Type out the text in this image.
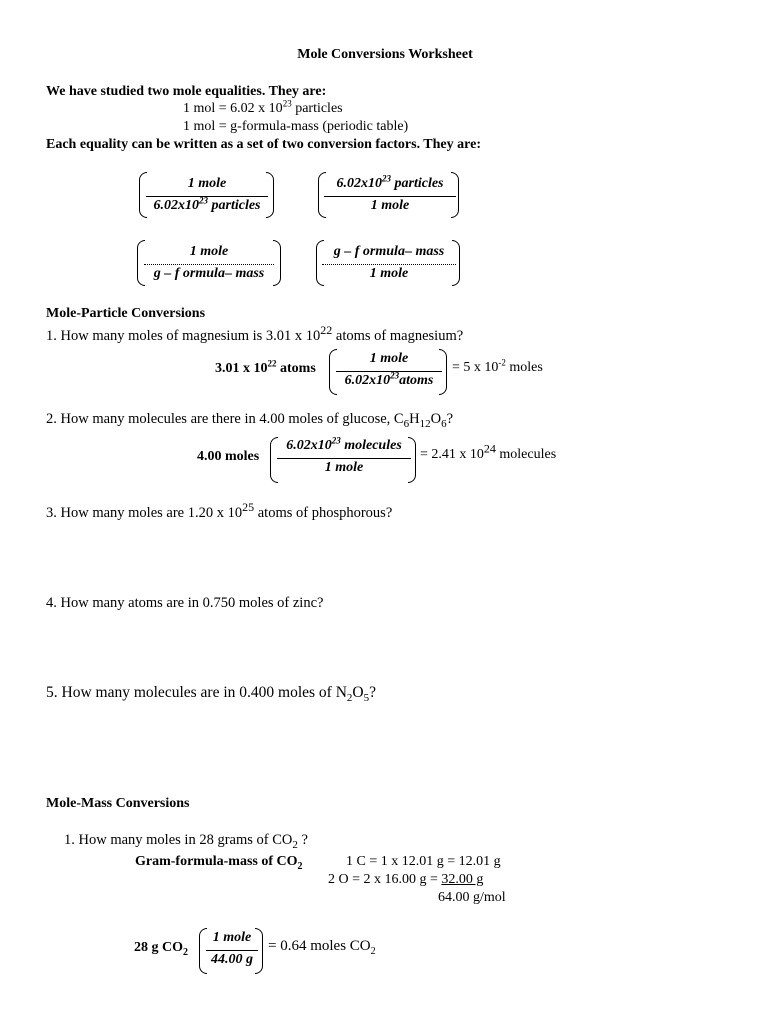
Mole Conversions Worksheet
We have studied two mole equalities. They are:
1 mol = 6.02 x $10^{23}$ particles
1 mol = g-formula-mass (periodic table)
Each equality can be written as a set of two conversion factors. They are:
1 mole
$6.02x10^{23}$ particles
$6.02x10^{23}$ particles
1 mole
1 mole
g – f ormula– mass
g – f ormula– mass
1 mole
Mole-Particle Conversions
1. How many moles of magnesium is 3.01 x $10^{22}$ atoms of magnesium?
3.01 x $10^{22}$ atoms
1 mole
$6.02x10^{23}atoms$
= 5 x $10^{-2}$ moles
2. How many molecules are there in 4.00 moles of glucose, $C_6H_{12}O_6$?
4.00 moles
$6.02x10^{23}$ molecules
1 mole
= 2.41 x $10^{24}$ molecules
3. How many moles are 1.20 x $10^{25}$ atoms of phosphorous?
4. How many atoms are in 0.750 moles of zinc?
5. How many molecules are in 0.400 moles of $N_2O_5$?
Mole-Mass Conversions
1. How many moles in 28 grams of $CO_2$ ?
Gram-formula-mass of $CO_2$	1 C = 1 x 12.01 g = 12.01 g
2 O = 2 x 16.00 g = 32.00 g
64.00 g/mol
28 g $CO_2$
1 mole
44.00 g
= 0.64 moles $CO_2$
